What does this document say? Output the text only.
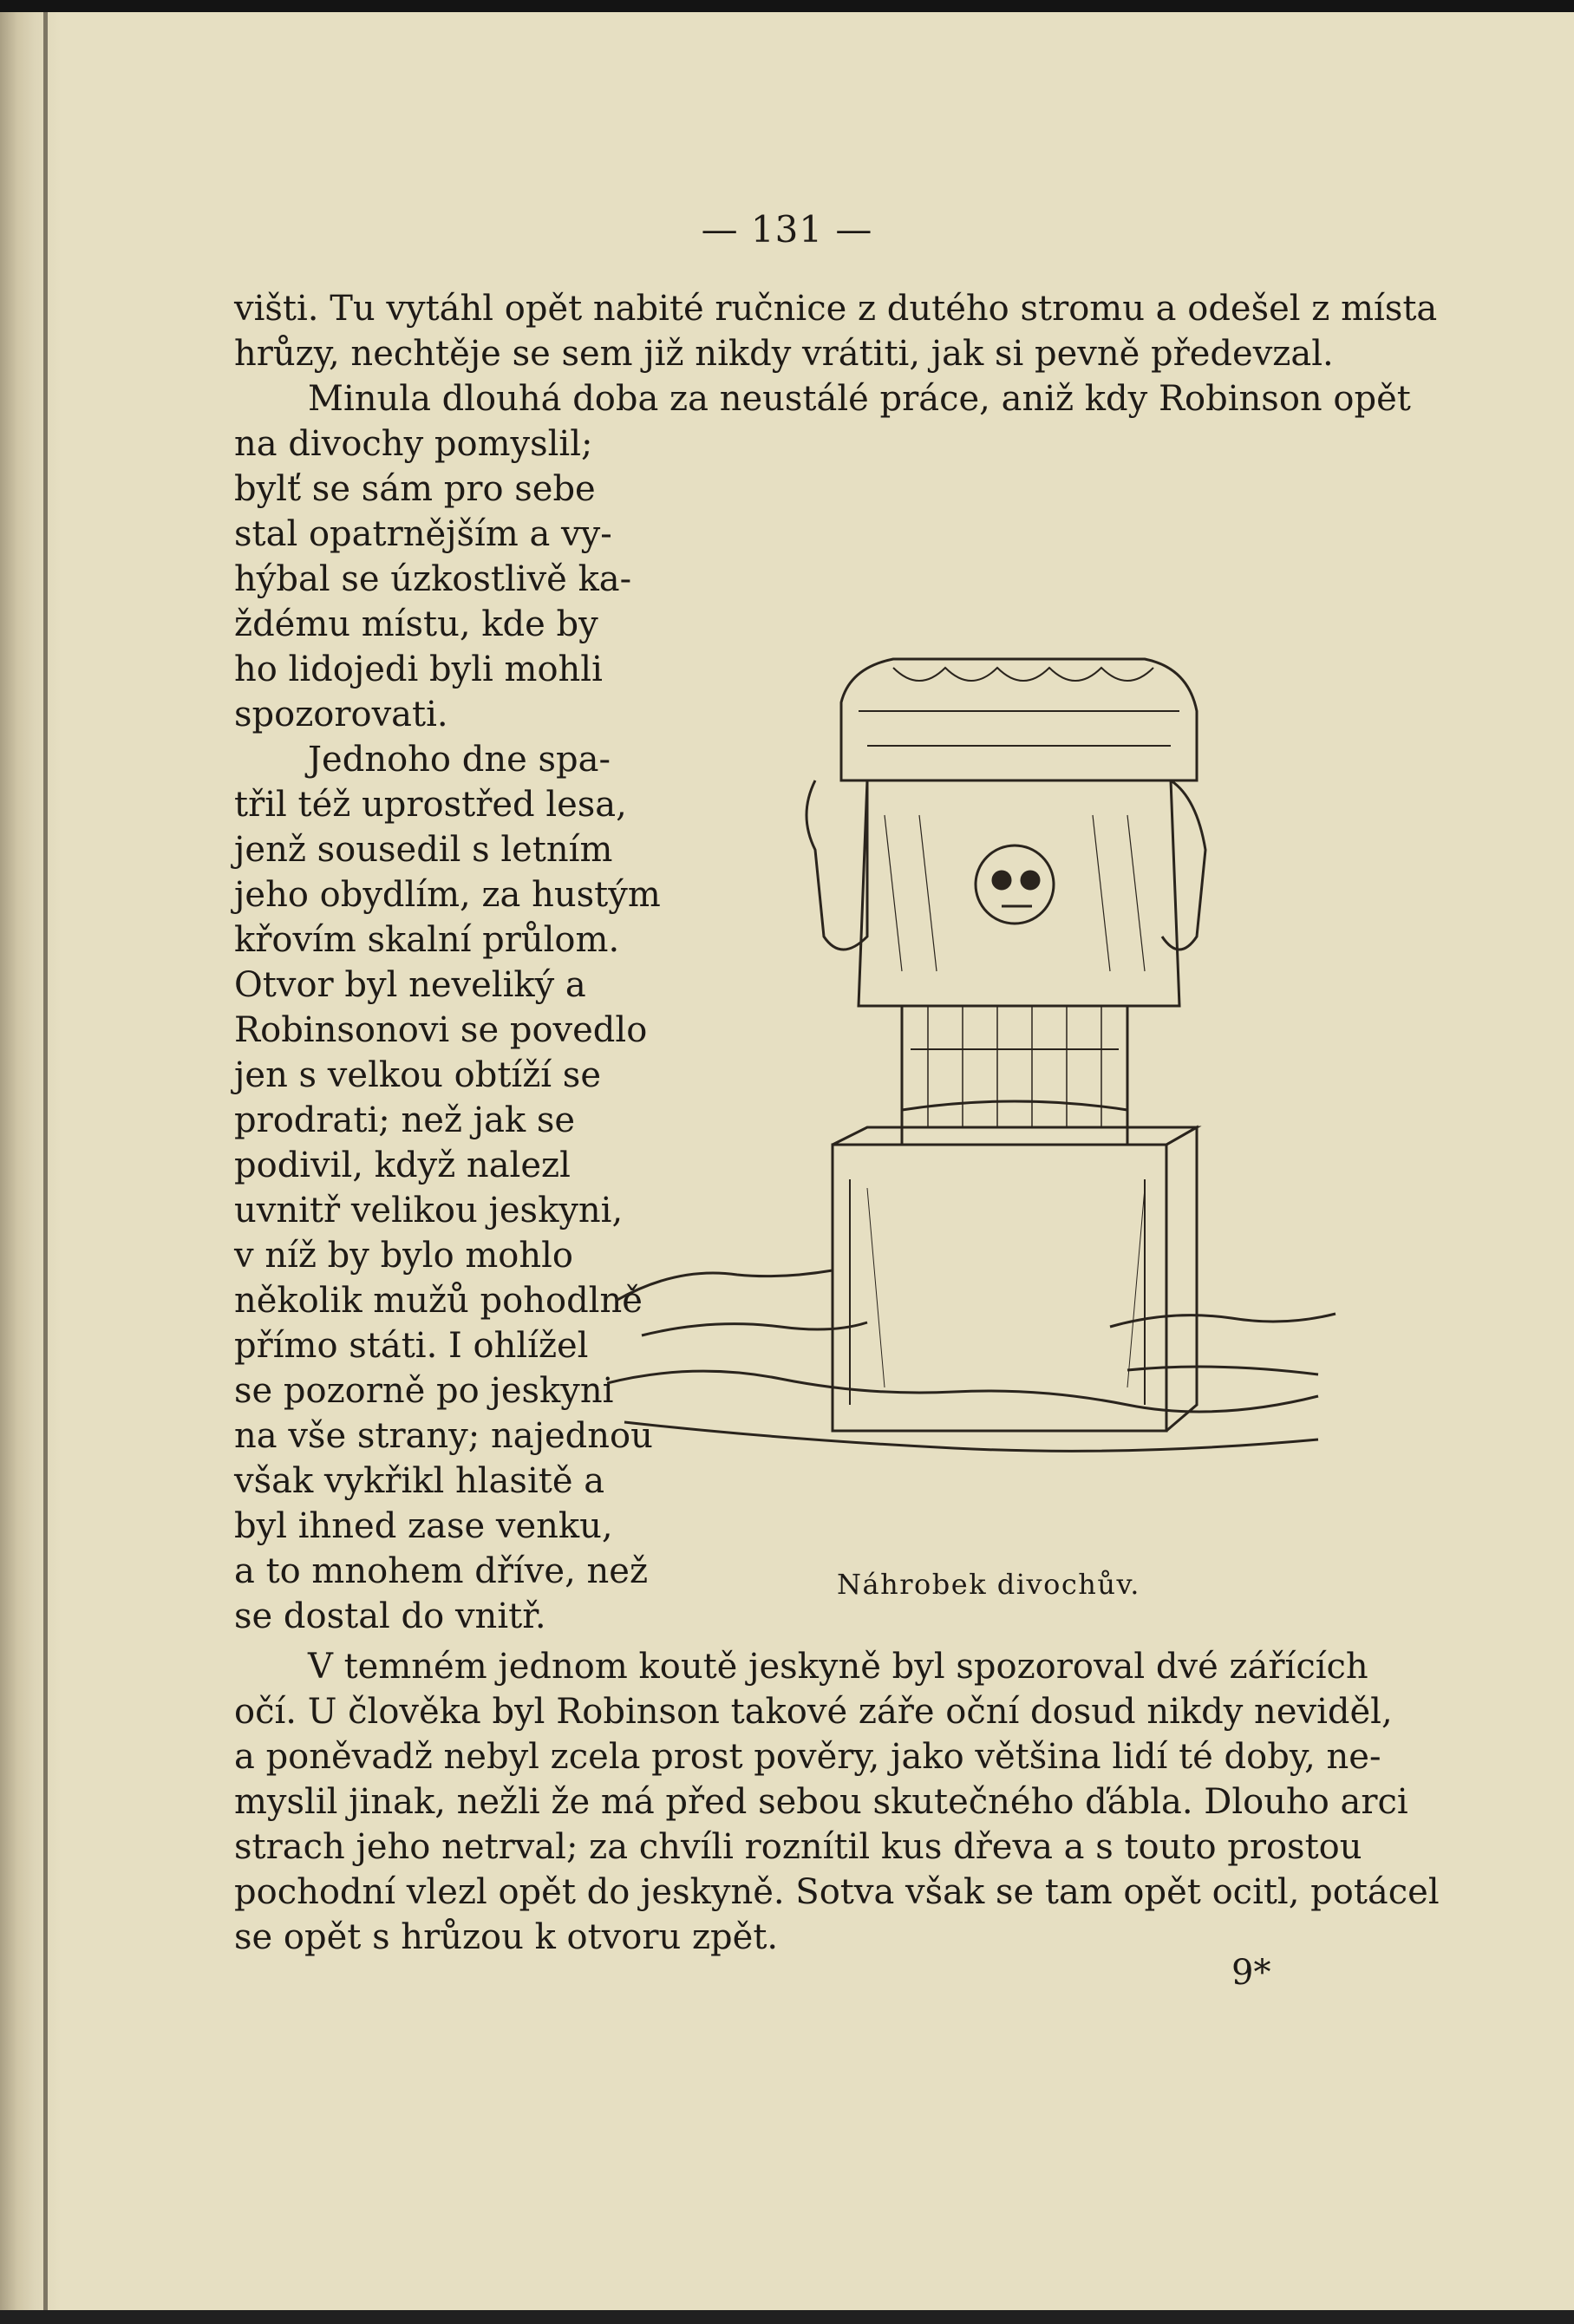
— 131 —
višti. Tu vytáhl opět nabité ručnice z dutého stromu a odešel z místa
hrůzy, nechtěje se sem již nikdy vrátiti, jak si pevně předevzal.
Minula dlouhá doba za neustálé práce, aniž kdy Robinson opět
na divochy pomyslil;
bylť se sám pro sebe
stal opatrnějším a vy-
hýbal se úzkostlivě ka-
ždému místu, kde by
ho lidojedi byli mohli
spozorovati.
Jednoho dne spa-
třil též uprostřed lesa,
jenž sousedil s letním
jeho obydlím, za hustým
křovím skalní průlom.
Otvor byl neveliký a
Robinsonovi se povedlo
jen s velkou obtíží se
prodrati; než jak se
podivil, když nalezl
uvnitř velikou jeskyni,
v níž by bylo mohlo
několik mužů pohodlně
přímo státi. I ohlížel
se pozorně po jeskyni
na vše strany; najednou
však vykřikl hlasitě a
byl ihned zase venku,
a to mnohem dříve, než
se dostal do vnitř.
Náhrobek divochův.
V temném jednom koutě jeskyně byl spozoroval dvé zářících
očí. U člověka byl Robinson takové záře oční dosud nikdy neviděl,
a poněvadž nebyl zcela prost pověry, jako většina lidí té doby, ne-
myslil jinak, nežli že má před sebou skutečného ďábla. Dlouho arci
strach jeho netrval; za chvíli roznítil kus dřeva a s touto prostou
pochodní vlezl opět do jeskyně. Sotva však se tam opět ocitl, potácel
se opět s hrůzou k otvoru zpět.
9*
